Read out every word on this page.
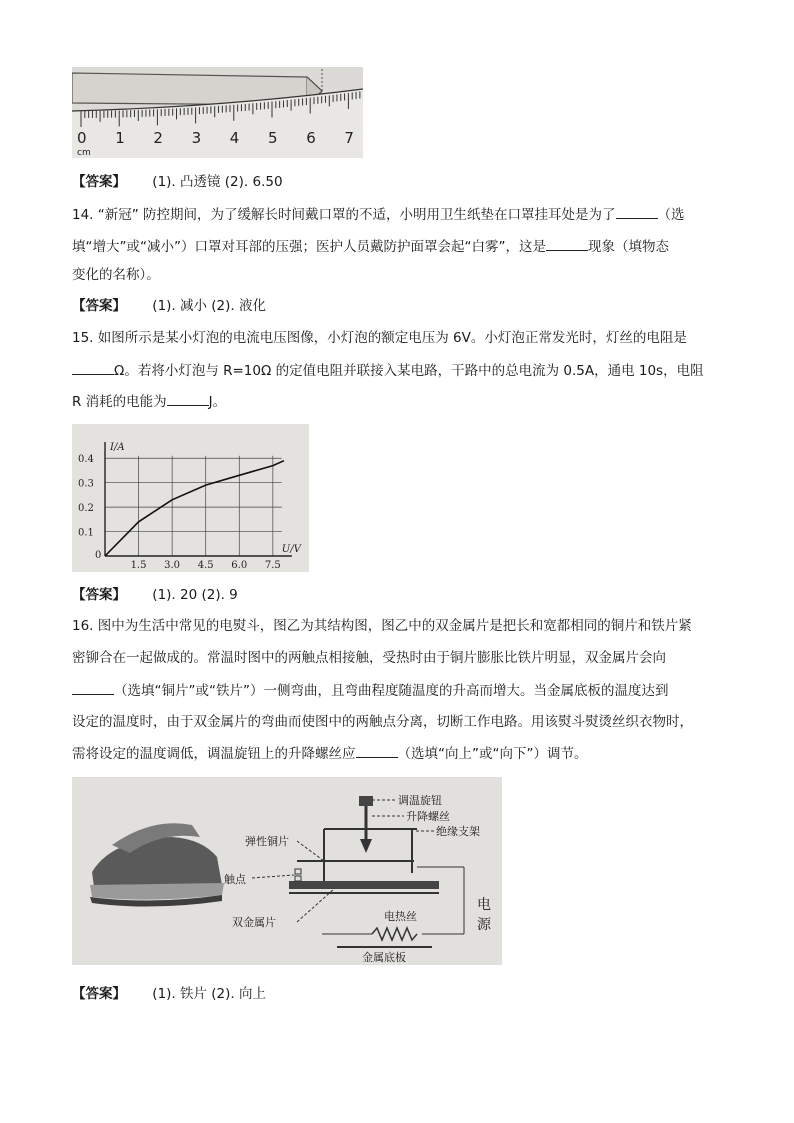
0 1 2 3 4 5 6 7
cm
【答案】 (1). 凸透镜 (2). 6.50
14. “新冠” 防控期间，为了缓解长时间戴口罩的不适，小明用卫生纸垫在口罩挂耳处是为了	（选
填“增大”或“减小”）口罩对耳部的压强；医护人员戴防护面罩会起“白雾”，这是	现象（填物态
变化的名称）。
【答案】 (1). 减小 (2). 液化
15. 如图所示是某小灯泡的电流电压图像，小灯泡的额定电压为 6V。小灯泡正常发光时，灯丝的电阻是
Ω。若将小灯泡与 R=10Ω 的定值电阻并联接入某电路，干路中的总电流为 0.5A，通电 10s，电阻
R 消耗的电能为	J。
0
1.5 3.0 4.5 6.0 7.5
0.1
0.2
0.3
0.4
I/A
U/V
【答案】 (1). 20 (2). 9
16. 图中为生活中常见的电熨斗，图乙为其结构图，图乙中的双金属片是把长和宽都相同的铜片和铁片紧
密铆合在一起做成的。常温时图中的两触点相接触，受热时由于铜片膨胀比铁片明显，双金属片会向
（选填“铜片”或“铁片”）一侧弯曲，且弯曲程度随温度的升高而增大。当金属底板的温度达到
设定的温度时，由于双金属片的弯曲而使图中的两触点分离，切断工作电路。用该熨斗熨烫丝织衣物时，
需将设定的温度调低，调温旋钮上的升降螺丝应	（选填“向上”或“向下”）调节。
调温旋钮
升降螺丝
绝缘支架
弹性铜片
触点
双金属片	电热丝
金属底板
电
源
【答案】 (1). 铁片 (2). 向上
